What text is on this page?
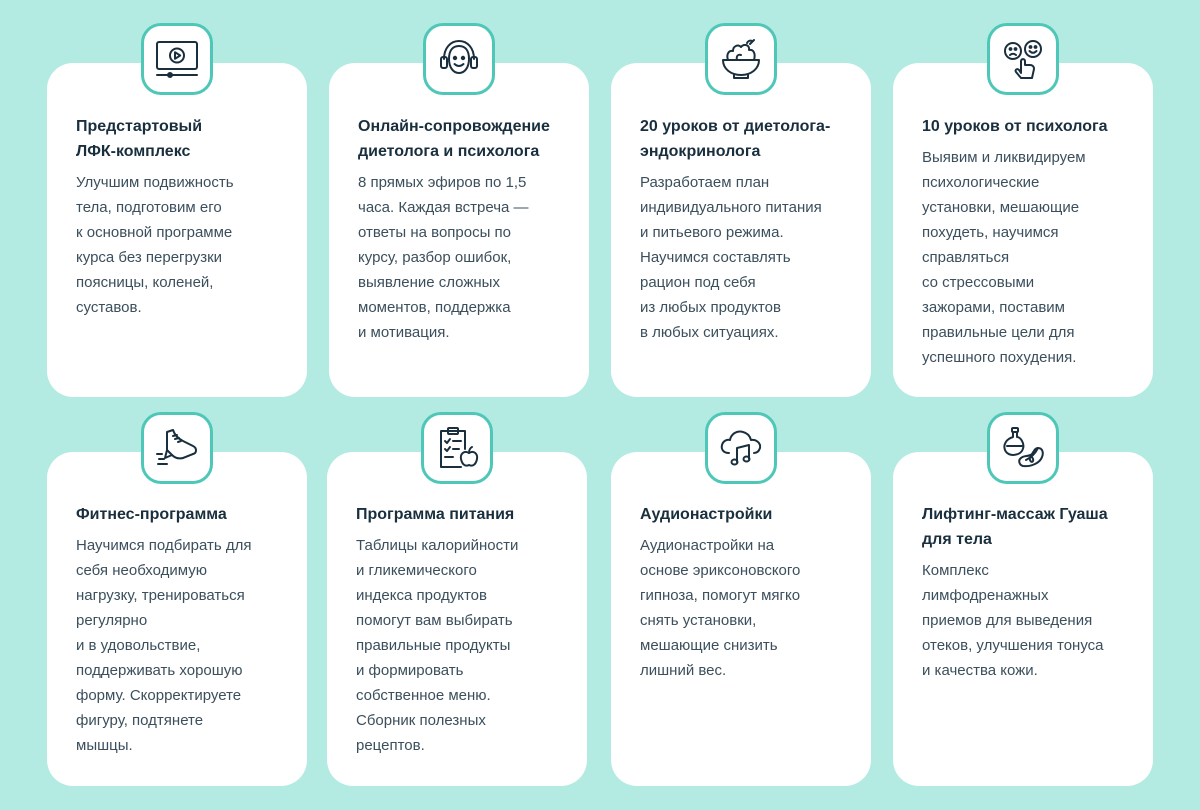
Предстартовый
ЛФК-комплекс

Улучшим подвижность
тела, подготовим его
к основной программе
курса без перегрузки
поясницы, коленей,
суставов.

Онлайн-сопровождение
диетолога и психолога

8 прямых эфиров по 1,5
часа. Каждая встреча —
ответы на вопросы по
курсу, разбор ошибок,
выявление сложных
моментов, поддержка
и мотивация.

20 уроков от диетолога-
эндокринолога

Разработаем план
индивидуального питания
и питьевого режима.
Научимся составлять
рацион под себя
из любых продуктов
в любых ситуациях.

10 уроков от психолога

Выявим и ликвидируем
психологические
установки, мешающие
похудеть, научимся
справляться
со стрессовыми
зажорами, поставим
правильные цели для
успешного похудения.

Фитнес-программа

Научимся подбирать для
себя необходимую
нагрузку, тренироваться
регулярно
и в удовольствие,
поддерживать хорошую
форму. Скорректируете
фигуру, подтянете
мышцы.

Программа питания

Таблицы калорийности
и гликемического
индекса продуктов
помогут вам выбирать
правильные продукты
и формировать
собственное меню.
Сборник полезных
рецептов.

Аудионастройки

Аудионастройки на
основе эриксоновского
гипноза, помогут мягко
снять установки,
мешающие снизить
лишний вес.

Лифтинг-массаж Гуаша
для тела

Комплекс
лимфодренажных
приемов для выведения
отеков, улучшения тонуса
и качества кожи.
